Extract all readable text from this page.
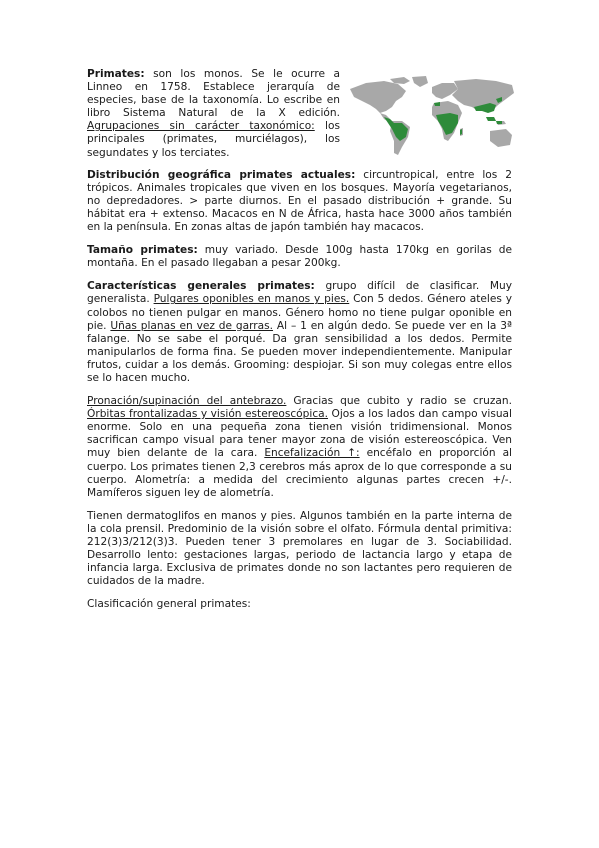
Primates: son los monos. Se le ocurre a Linneo en 1758. Establece jerarquía de especies, base de la taxonomía. Lo escribe en libro Sistema Natural de la X edición. Agrupaciones sin carácter taxonómico: los principales (primates, murciélagos), los segundates y los terciates.

Distribución geográfica primates actuales: circuntropical, entre los 2 trópicos. Animales tropicales que viven en los bosques. Mayoría vegetarianos, no depredadores. > parte diurnos. En el pasado distribución + grande. Su hábitat era + extenso. Macacos en N de África, hasta hace 3000 años también en la península. En zonas altas de japón también hay macacos.

Tamaño primates: muy variado. Desde 100g hasta 170kg en gorilas de montaña. En el pasado llegaban a pesar 200kg.

Características generales primates: grupo difícil de clasificar. Muy generalista. Pulgares oponibles en manos y pies. Con 5 dedos. Género ateles y colobos no tienen pulgar en manos. Género homo no tiene pulgar oponible en pie. Uñas planas en vez de garras. Al – 1 en algún dedo. Se puede ver en la 3ª falange. No se sabe el porqué. Da gran sensibilidad a los dedos. Permite manipularlos de forma fina. Se pueden mover independientemente. Manipular frutos, cuidar a los demás. Grooming: despiojar. Si son muy colegas entre ellos se lo hacen mucho.

Pronación/supinación del antebrazo. Gracias que cubito y radio se cruzan. Órbitas frontalizadas y visión estereoscópica. Ojos a los lados dan campo visual enorme. Solo en una pequeña zona tienen visión tridimensional. Monos sacrifican campo visual para tener mayor zona de visión estereoscópica. Ven muy bien delante de la cara. Encefalización ↑: encéfalo en proporción al cuerpo. Los primates tienen 2,3 cerebros más aprox de lo que corresponde a su cuerpo. Alometría: a medida del crecimiento algunas partes crecen +/-. Mamíferos siguen ley de alometría.

Tienen dermatoglifos en manos y pies. Algunos también en la parte interna de la cola prensil. Predominio de la visión sobre el olfato. Fórmula dental primitiva: 212(3)3/212(3)3. Pueden tener 3 premolares en lugar de 3. Sociabilidad. Desarrollo lento: gestaciones largas, periodo de lactancia largo y etapa de infancia larga. Exclusiva de primates donde no son lactantes pero requieren de cuidados de la madre.

Clasificación general primates:
